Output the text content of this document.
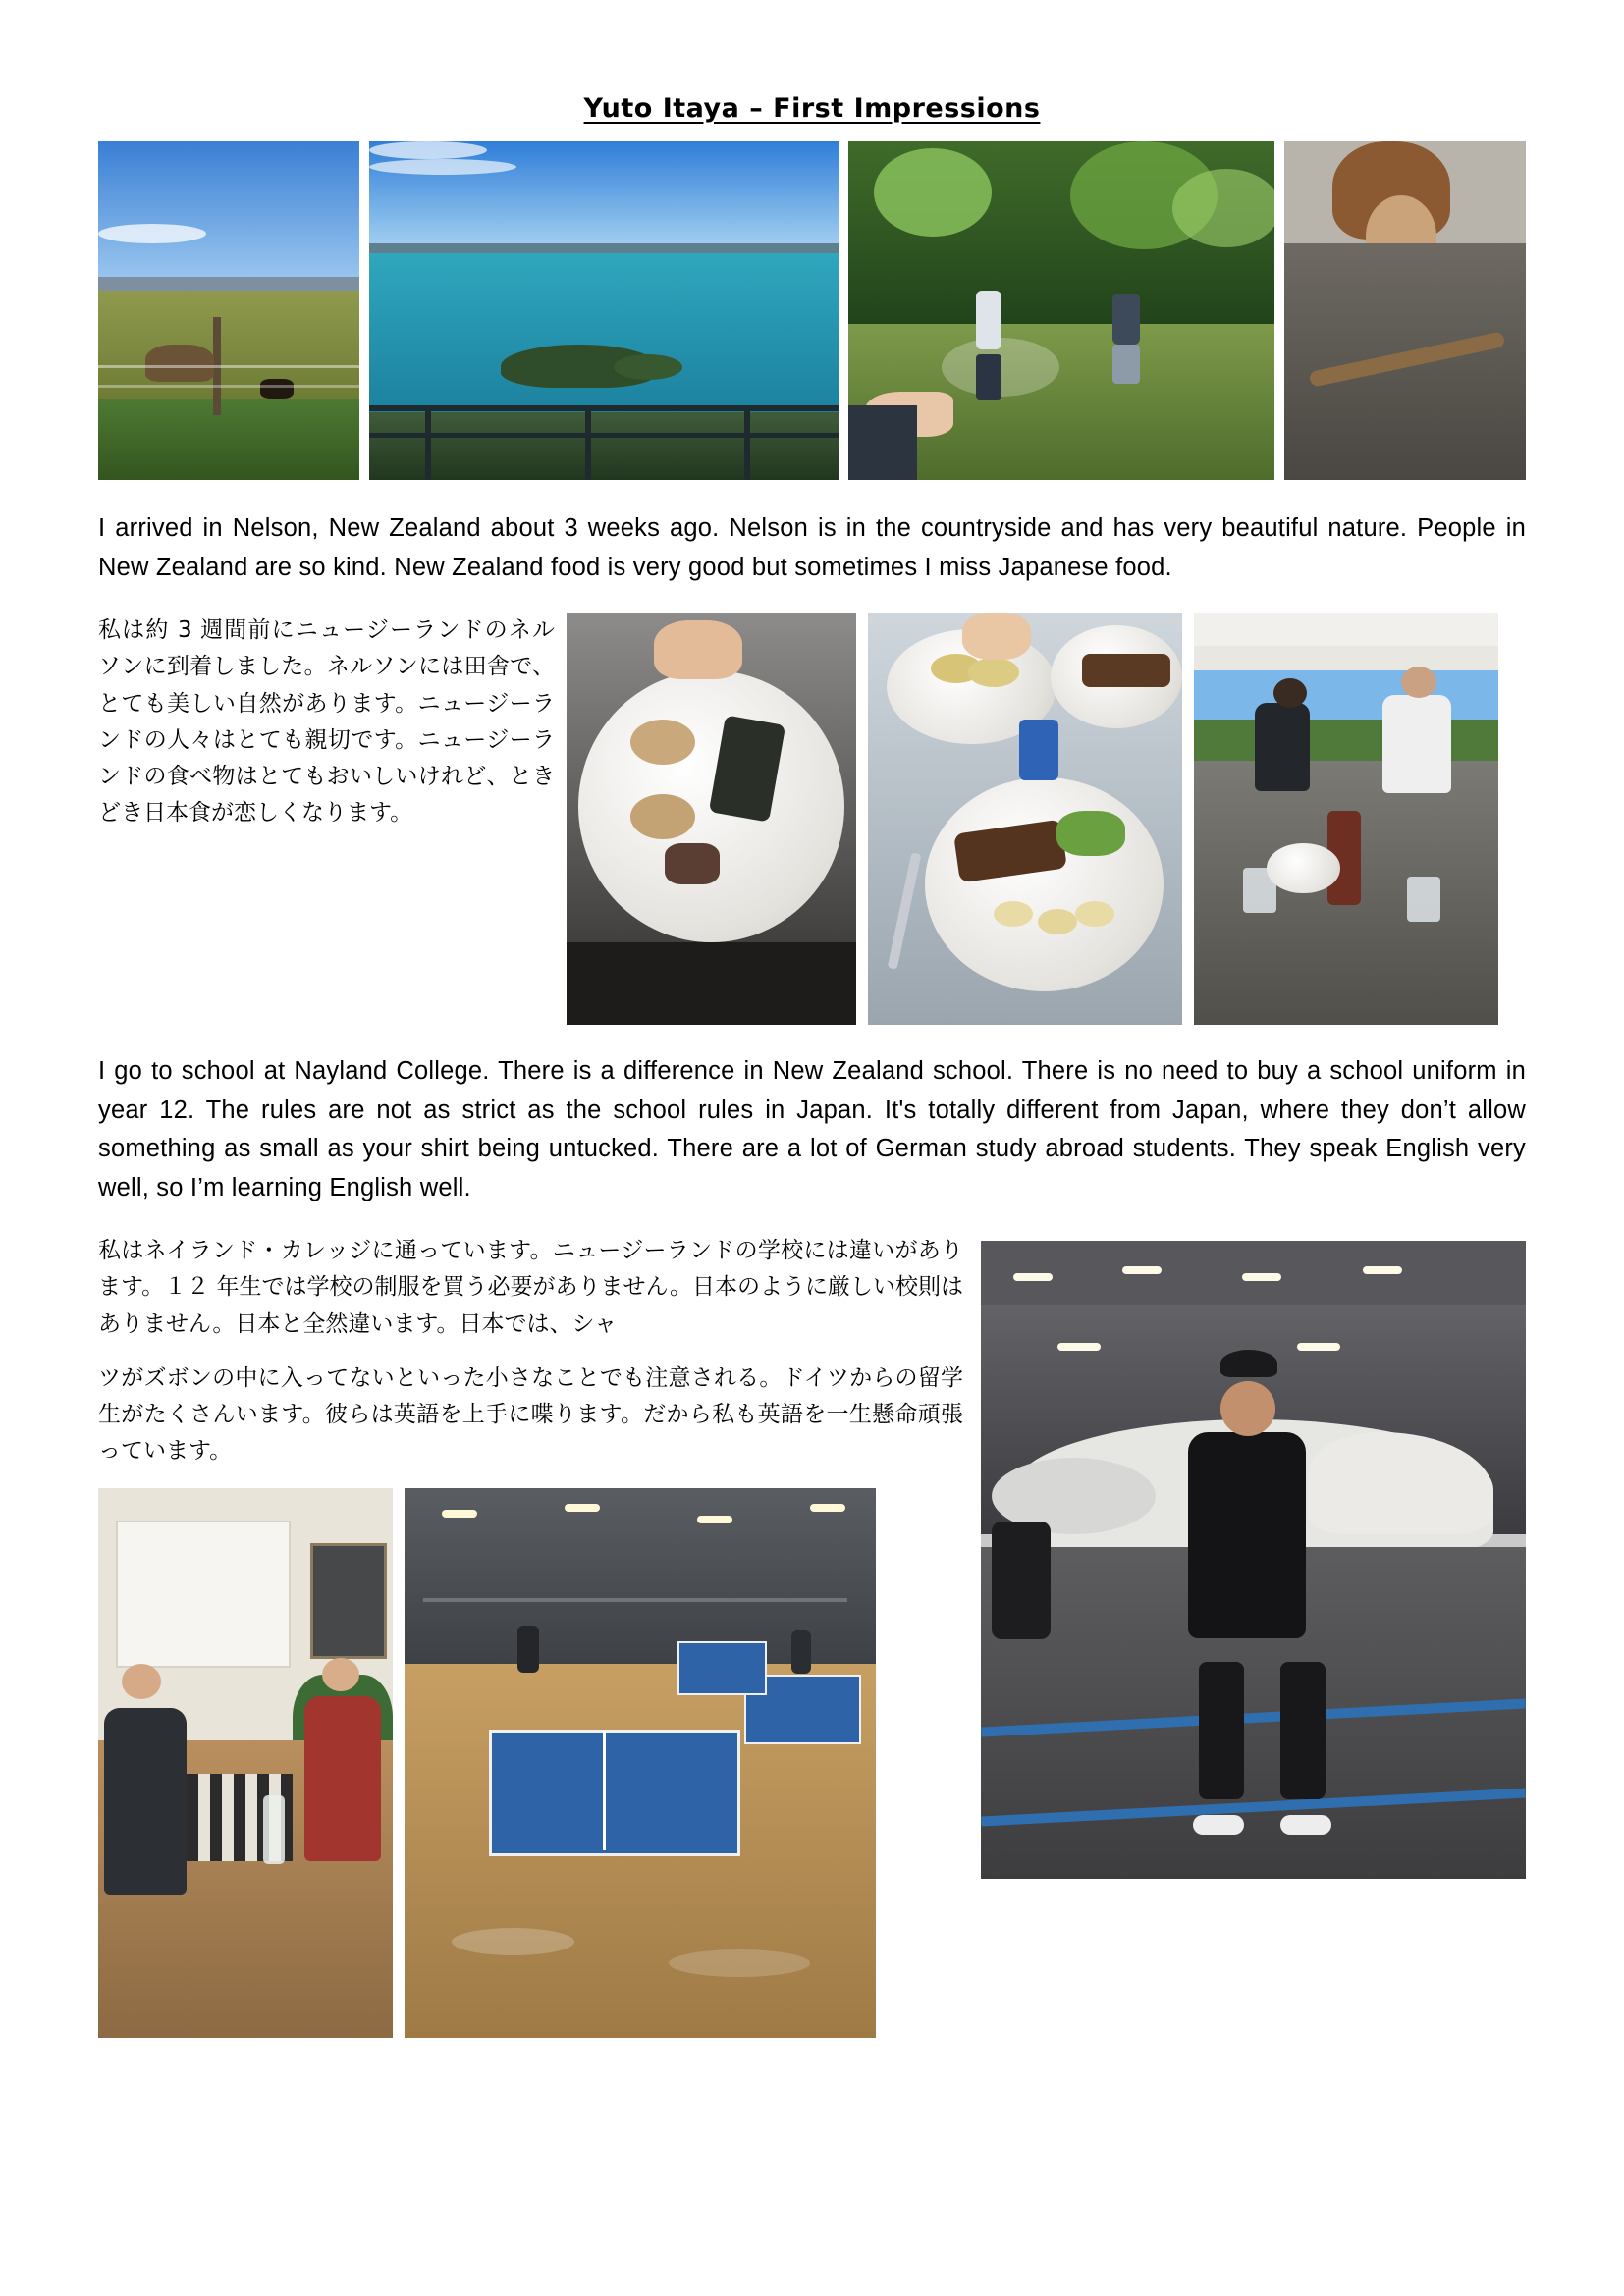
Yuto Itaya – First Impressions

I arrived in Nelson, New Zealand about 3 weeks ago. Nelson is in the countryside and has very beautiful nature. People in New Zealand are so kind. New Zealand food is very good but sometimes I miss Japanese food.

私は約 3 週間前にニュージーランドのネルソンに到着しました。ネルソンには田舎で、とても美しい自然があります。ニュージーランドの人々はとても親切です。ニュージーランドの食べ物はとてもおいしいけれど、ときどき日本食が恋しくなります。

I go to school at Nayland College. There is a difference in New Zealand school. There is no need to buy a school uniform in year 12. The rules are not as strict as the school rules in Japan. It's totally different from Japan, where they don’t allow something as small as your shirt being untucked. There are a lot of German study abroad students. They speak English very well, so I’m learning English well.

私はネイランド・カレッジに通っています。ニュージーランドの学校には違いがあります。１２ 年生では学校の制服を買う必要がありません。日本のように厳しい校則はありません。日本と全然違います。日本では、シャ

ツがズボンの中に入ってないといった小さなことでも注意される。ドイツからの留学生がたくさんいます。彼らは英語を上手に喋ります。だから私も英語を一生懸命頑張っています。
